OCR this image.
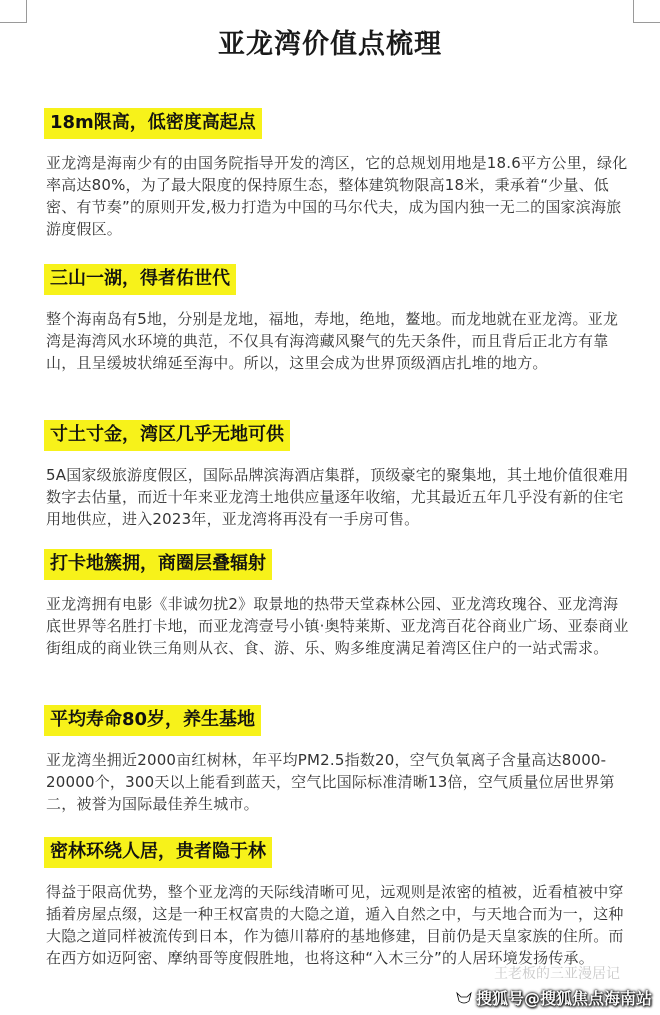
亚龙湾价值点梳理
18m限高，低密度高起点
亚龙湾是海南少有的由国务院指导开发的湾区，它的总规划用地是18.6平方公里，绿化率高达80%，为了最大限度的保持原生态，整体建筑物限高18米，秉承着“少量、低密、有节奏”的原则开发,极力打造为中国的马尔代夫，成为国内独一无二的国家滨海旅游度假区。
三山一湖，得者佑世代
整个海南岛有5地，分别是龙地，福地，寿地，绝地，鳌地。而龙地就在亚龙湾。亚龙湾是海湾风水环境的典范，不仅具有海湾藏风聚气的先天条件，而且背后正北方有靠山，且呈缓坡状绵延至海中。所以，这里会成为世界顶级酒店扎堆的地方。
寸土寸金，湾区几乎无地可供
5A国家级旅游度假区，国际品牌滨海酒店集群，顶级豪宅的聚集地，其土地价值很难用数字去估量，而近十年来亚龙湾土地供应量逐年收缩，尤其最近五年几乎没有新的住宅用地供应，进入2023年，亚龙湾将再没有一手房可售。
打卡地簇拥，商圈层叠辐射
亚龙湾拥有电影《非诚勿扰2》取景地的热带天堂森林公园、亚龙湾玫瑰谷、亚龙湾海底世界等名胜打卡地，而亚龙湾壹号小镇·奥特莱斯、亚龙湾百花谷商业广场、亚泰商业街组成的商业铁三角则从衣、食、游、乐、购多维度满足着湾区住户的一站式需求。
平均寿命80岁，养生基地
亚龙湾坐拥近2000亩红树林，年平均PM2.5指数20，空气负氧离子含量高达8000-20000个，300天以上能看到蓝天，空气比国际标准清晰13倍，空气质量位居世界第二，被誉为国际最佳养生城市。
密林环绕人居，贵者隐于林
得益于限高优势，整个亚龙湾的天际线清晰可见，远观则是浓密的植被，近看植被中穿插着房屋点缀，这是一种王权富贵的大隐之道，遁入自然之中，与天地合而为一，这种大隐之道同样被流传到日本，作为德川幕府的基地修建，目前仍是天皇家族的住所。而在西方如迈阿密、摩纳哥等度假胜地，也将这种“入木三分”的人居环境发扬传承。
王老板的三亚漫居记
搜狐号@搜狐焦点海南站
